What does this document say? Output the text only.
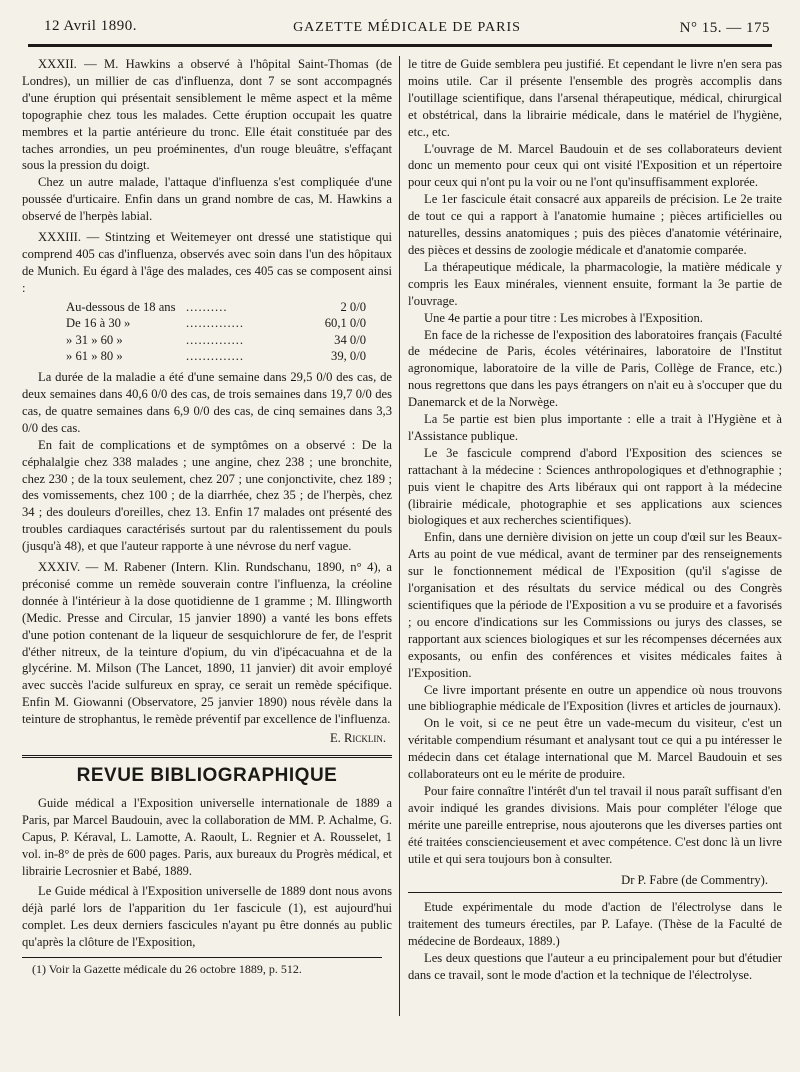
12 Avril 1890.	GAZETTE MÉDICALE DE PARIS	N° 15. — 175

XXXII. — M. Hawkins a observé à l'hôpital Saint-Thomas (de Londres), un millier de cas d'influenza, dont 7 se sont accompagnés d'une éruption qui présentait sensiblement le même aspect et la même topographie chez tous les malades. Cette éruption occupait les quatre membres et la partie antérieure du tronc. Elle était constituée par des taches arrondies, un peu proéminentes, d'un rouge bleuâtre, s'effaçant sous la pression du doigt.

Chez un autre malade, l'attaque d'influenza s'est compliquée d'une poussée d'urticaire. Enfin dans un grand nombre de cas, M. Hawkins a observé de l'herpès labial.

XXXIII. — Stintzing et Weitemeyer ont dressé une statistique qui comprend 405 cas d'influenza, observés avec soin dans l'un des hôpitaux de Munich. Eu égard à l'âge des malades, ces 405 cas se composent ainsi :

Au-dessous de 18 ans ..........	2 0/0
De 16 à 30 »	..............	60,1 0/0
» 31 » 60 »	..............	34 0/0
» 61 » 80 »	..............	39, 0/0

La durée de la maladie a été d'une semaine dans 29,5 0/0 des cas, de deux semaines dans 40,6 0/0 des cas, de trois semaines dans 19,7 0/0 des cas, de quatre semaines dans 6,9 0/0 des cas, de cinq semaines dans 3,3 0/0 des cas.

En fait de complications et de symptômes on a observé : De la céphalalgie chez 338 malades ; une angine, chez 238 ; une bronchite, chez 230 ; de la toux seulement, chez 207 ; une conjonctivite, chez 189 ; des vomissements, chez 100 ; de la diarrhée, chez 35 ; de l'herpès, chez 34 ; des douleurs d'oreilles, chez 13. Enfin 17 malades ont présenté des troubles cardiaques caractérisés surtout par du ralentissement du pouls (jusqu'à 48), et que l'auteur rapporte à une névrose du nerf vague.

XXXIV. — M. Rabener (Intern. Klin. Rundschanu, 1890, n° 4), a préconisé comme un remède souverain contre l'influenza, la créoline donnée à l'intérieur à la dose quotidienne de 1 gramme ; M. Illingworth (Medic. Presse and Circular, 15 janvier 1890) a vanté les bons effets d'une potion contenant de la liqueur de sesquichlorure de fer, de l'esprit d'éther nitreux, de la teinture d'opium, du vin d'ipécacuahna et de la glycérine. M. Milson (The Lancet, 1890, 11 janvier) dit avoir employé avec succès l'acide sulfureux en spray, ce serait un remède spécifique. Enfin M. Giowanni (Observatore, 25 janvier 1890) nous révèle dans la teinture de strophantus, le remède préventif par excellence de l'influenza.

E. Ricklin.
REVUE BIBLIOGRAPHIQUE

Guide médical a l'Exposition universelle internationale de 1889 a Paris, par Marcel Baudouin, avec la collaboration de MM. P. Achalme, G. Capus, P. Kéraval, L. Lamotte, A. Raoult, L. Regnier et A. Rousselet, 1 vol. in-8° de près de 600 pages. Paris, aux bureaux du Progrès médical, et librairie Lecrosnier et Babé, 1889.

Le Guide médical à l'Exposition universelle de 1889 dont nous avons déjà parlé lors de l'apparition du 1er fascicule (1), est aujourd'hui complet. Les deux derniers fascicules n'ayant pu être donnés au public qu'après la clôture de l'Exposition,

(1) Voir la Gazette médicale du 26 octobre 1889, p. 512.

le titre de Guide semblera peu justifié. Et cependant le livre n'en sera pas moins utile. Car il présente l'ensemble des progrès accomplis dans l'outillage scientifique, dans l'arsenal thérapeutique, médical, chirurgical et obstétrical, dans la librairie médicale, dans le matériel de l'hygiène, etc., etc.

L'ouvrage de M. Marcel Baudouin et de ses collaborateurs devient donc un memento pour ceux qui ont visité l'Exposition et un répertoire pour ceux qui n'ont pu la voir ou ne l'ont qu'insuffisamment explorée.

Le 1er fascicule était consacré aux appareils de précision. Le 2e traite de tout ce qui a rapport à l'anatomie humaine ; pièces artificielles ou naturelles, dessins anatomiques ; puis des pièces d'anatomie vétérinaire, des pièces et dessins de zoologie médicale et d'anatomie comparée.

La thérapeutique médicale, la pharmacologie, la matière médicale y compris les Eaux minérales, viennent ensuite, formant la 3e partie de l'ouvrage.

Une 4e partie a pour titre : Les microbes à l'Exposition.

En face de la richesse de l'exposition des laboratoires français (Faculté de médecine de Paris, écoles vétérinaires, laboratoire de l'Institut agronomique, laboratoire de la ville de Paris, Collège de France, etc.) nous regrettons que dans les pays étrangers on n'ait eu à s'occuper que du Danemarck et de la Norwège.

La 5e partie est bien plus importante : elle a trait à l'Hygiène et à l'Assistance publique.

Le 3e fascicule comprend d'abord l'Exposition des sciences se rattachant à la médecine : Sciences anthropologiques et d'ethnographie ; puis vient le chapitre des Arts libéraux qui ont rapport à la médecine (librairie médicale, photographie et ses applications aux sciences biologiques et aux recherches scientifiques).

Enfin, dans une dernière division on jette un coup d'œil sur les Beaux-Arts au point de vue médical, avant de terminer par des renseignements sur le fonctionnement médical de l'Exposition (qu'il s'agisse de l'organisation et des résultats du service médical ou des Congrès scientifiques que la période de l'Exposition a vu se produire et a favorisés ; ou encore d'indications sur les Commissions ou jurys des classes, se rapportant aux sciences biologiques et sur les récompenses décernées aux exposants, ou enfin des conférences et visites médicales faites à l'Exposition.

Ce livre important présente en outre un appendice où nous trouvons une bibliographie médicale de l'Exposition (livres et articles de journaux).

On le voit, si ce ne peut être un vade-mecum du visiteur, c'est un véritable compendium résumant et analysant tout ce qui a pu intéresser le médecin dans cet étalage international que M. Marcel Baudouin et ses collaborateurs ont eu le mérite de produire.

Pour faire connaître l'intérêt d'un tel travail il nous paraît suffisant d'en avoir indiqué les grandes divisions. Mais pour compléter l'éloge que mérite une pareille entreprise, nous ajouterons que les diverses parties ont été traitées consciencieusement et avec compétence. C'est donc là un livre utile et qui sera toujours bon à consulter.

Dr P. Fabre (de Commentry).

Etude expérimentale du mode d'action de l'électrolyse dans le traitement des tumeurs érectiles, par P. Lafaye. (Thèse de la Faculté de médecine de Bordeaux, 1889.)

Les deux questions que l'auteur a eu principalement pour but d'étudier dans ce travail, sont le mode d'action et la technique de l'électrolyse.
